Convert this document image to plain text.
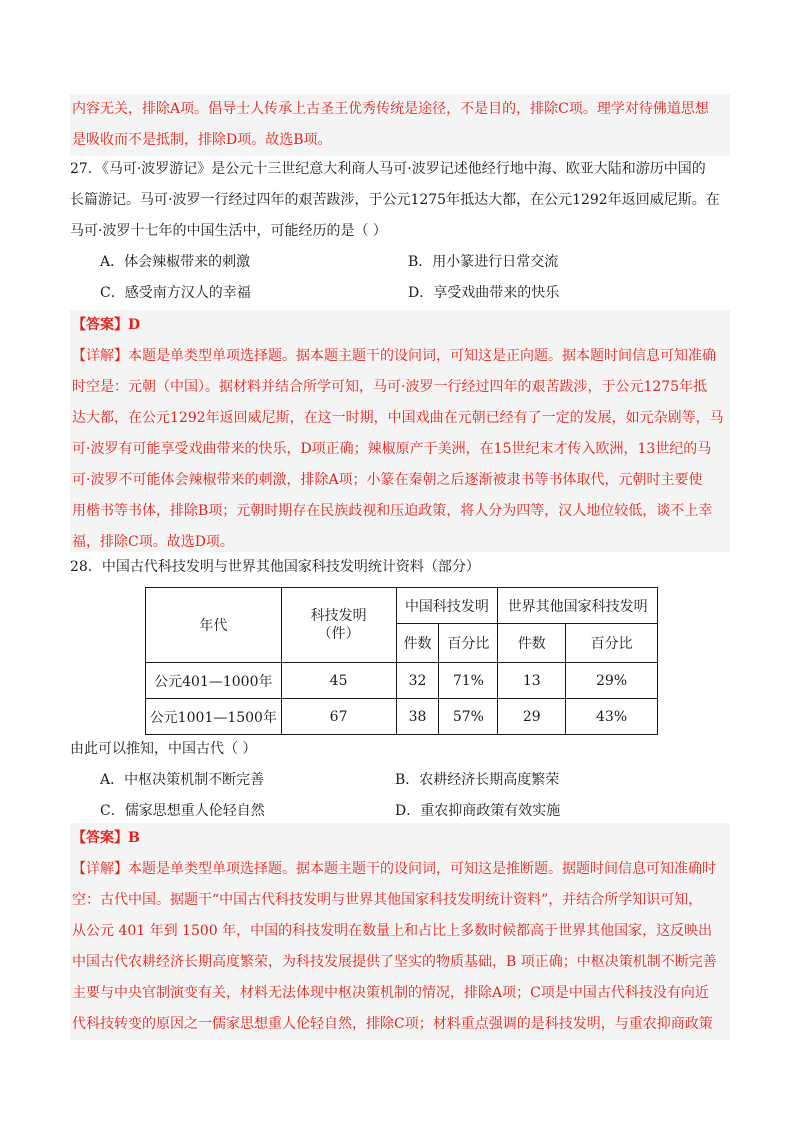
内容无关，排除A项。倡导士人传承上古圣王优秀传统是途径，不是目的，排除C项。理学对待佛道思想

是吸收而不是抵制，排除D项。故选B项。

27．《马可·波罗游记》是公元十三世纪意大利商人马可·波罗记述他经行地中海、欧亚大陆和游历中国的
长篇游记。马可·波罗一行经过四年的艰苦跋涉，于公元1275年抵达大都，在公元1292年返回威尼斯。在
马可·波罗十七年的中国生活中，可能经历的是（ ）
A．体会辣椒带来的刺激	B．用小篆进行日常交流
C．感受南方汉人的幸福	D．享受戏曲带来的快乐

【答案】D

【详解】本题是单类型单项选择题。据本题主题干的设问词，可知这是正向题。据本题时间信息可知准确

时空是：元朝（中国）。据材料并结合所学可知，马可·波罗一行经过四年的艰苦跋涉，于公元1275年抵

达大都，在公元1292年返回威尼斯，在这一时期，中国戏曲在元朝已经有了一定的发展，如元杂剧等，马

可·波罗有可能享受戏曲带来的快乐，D项正确；辣椒原产于美洲，在15世纪末才传入欧洲，13世纪的马

可·波罗不可能体会辣椒带来的刺激，排除A项；小篆在秦朝之后逐渐被隶书等书体取代，元朝时主要使

用楷书等书体，排除B项；元朝时期存在民族歧视和压迫政策，将人分为四等，汉人地位较低，谈不上幸

福，排除C项。故选D项。

28．中国古代科技发明与世界其他国家科技发明统计资料（部分）
年代	科技发明（件）	中国科技发明		世界其他国家科技发明	
		件数	百分比	件数	百分比
公元401—1000年	45	32	71%	13	29%
公元1001—1500年	67	38	57%	29	43%
由此可以推知，中国古代（ ）
A．中枢决策机制不断完善	B．农耕经济长期高度繁荣
C．儒家思想重人伦轻自然	D．重农抑商政策有效实施

【答案】B

【详解】本题是单类型单项选择题。据本题主题干的设问词，可知这是推断题。据题时间信息可知准确时

空：古代中国。据题干“中国古代科技发明与世界其他国家科技发明统计资料”，并结合所学知识可知，

从公元 401 年到 1500 年，中国的科技发明在数量上和占比上多数时候都高于世界其他国家，这反映出

中国古代农耕经济长期高度繁荣，为科技发展提供了坚实的物质基础，B 项正确；中枢决策机制不断完善

主要与中央官制演变有关，材料无法体现中枢决策机制的情况，排除A项；C项是中国古代科技没有向近

代科技转变的原因之一儒家思想重人伦轻自然，排除C项；材料重点强调的是科技发明，与重农抑商政策
